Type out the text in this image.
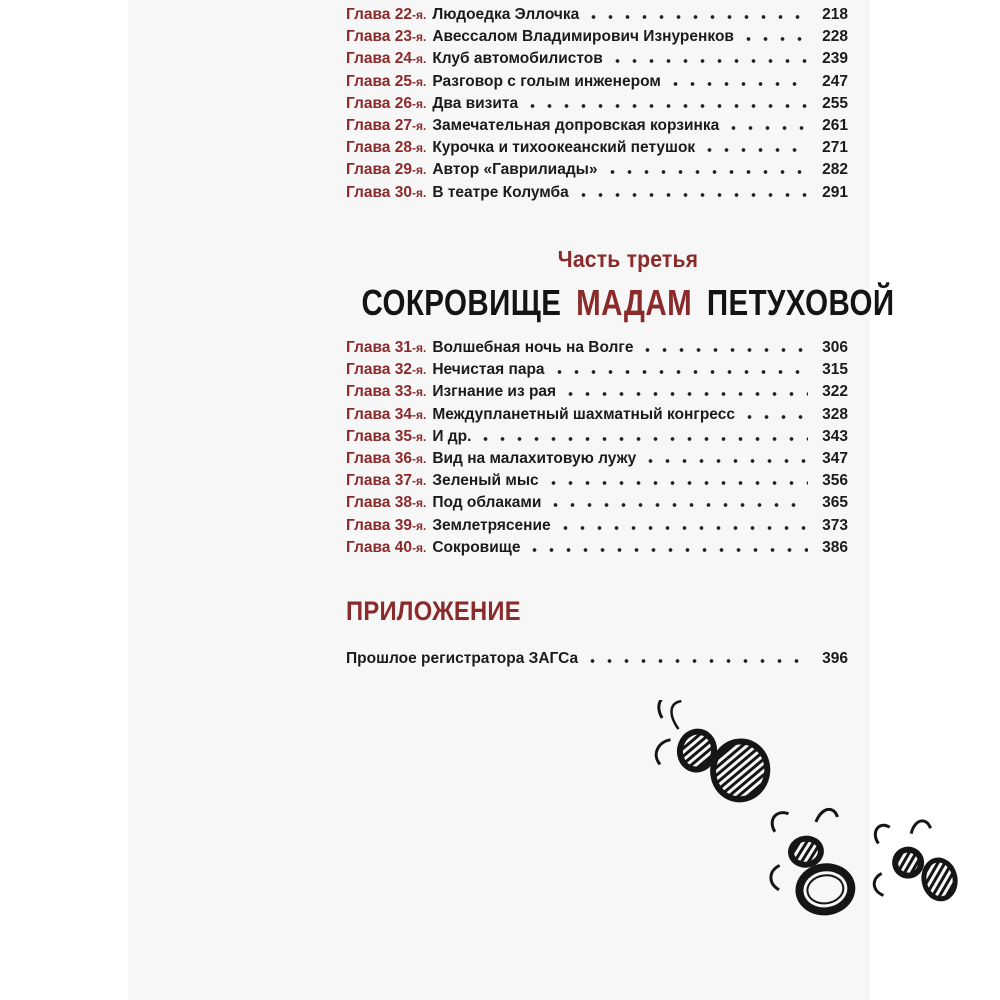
Глава 22-я. Людоедка Эллочка	218
Глава 23-я. Авессалом Владимирович Изнуренков	228
Глава 24-я. Клуб автомобилистов	239
Глава 25-я. Разговор с голым инженером	247
Глава 26-я. Два визита	255
Глава 27-я. Замечательная допровская корзинка	261
Глава 28-я. Курочка и тихоокеанский петушок	271
Глава 29-я. Автор «Гаврилиады»	282
Глава 30-я. В театре Колумба	291
Часть третья
СОКРОВИЩЕ МАДАМ ПЕТУХОВОЙ
Глава 31-я. Волшебная ночь на Волге	306
Глава 32-я. Нечистая пара	315
Глава 33-я. Изгнание из рая	322
Глава 34-я. Междупланетный шахматный конгресс	328
Глава 35-я. И др.	343
Глава 36-я. Вид на малахитовую лужу	347
Глава 37-я. Зеленый мыс	356
Глава 38-я. Под облаками	365
Глава 39-я. Землетрясение	373
Глава 40-я. Сокровище	386
ПРИЛОЖЕНИЕ
Прошлое регистратора ЗАГСа	396
